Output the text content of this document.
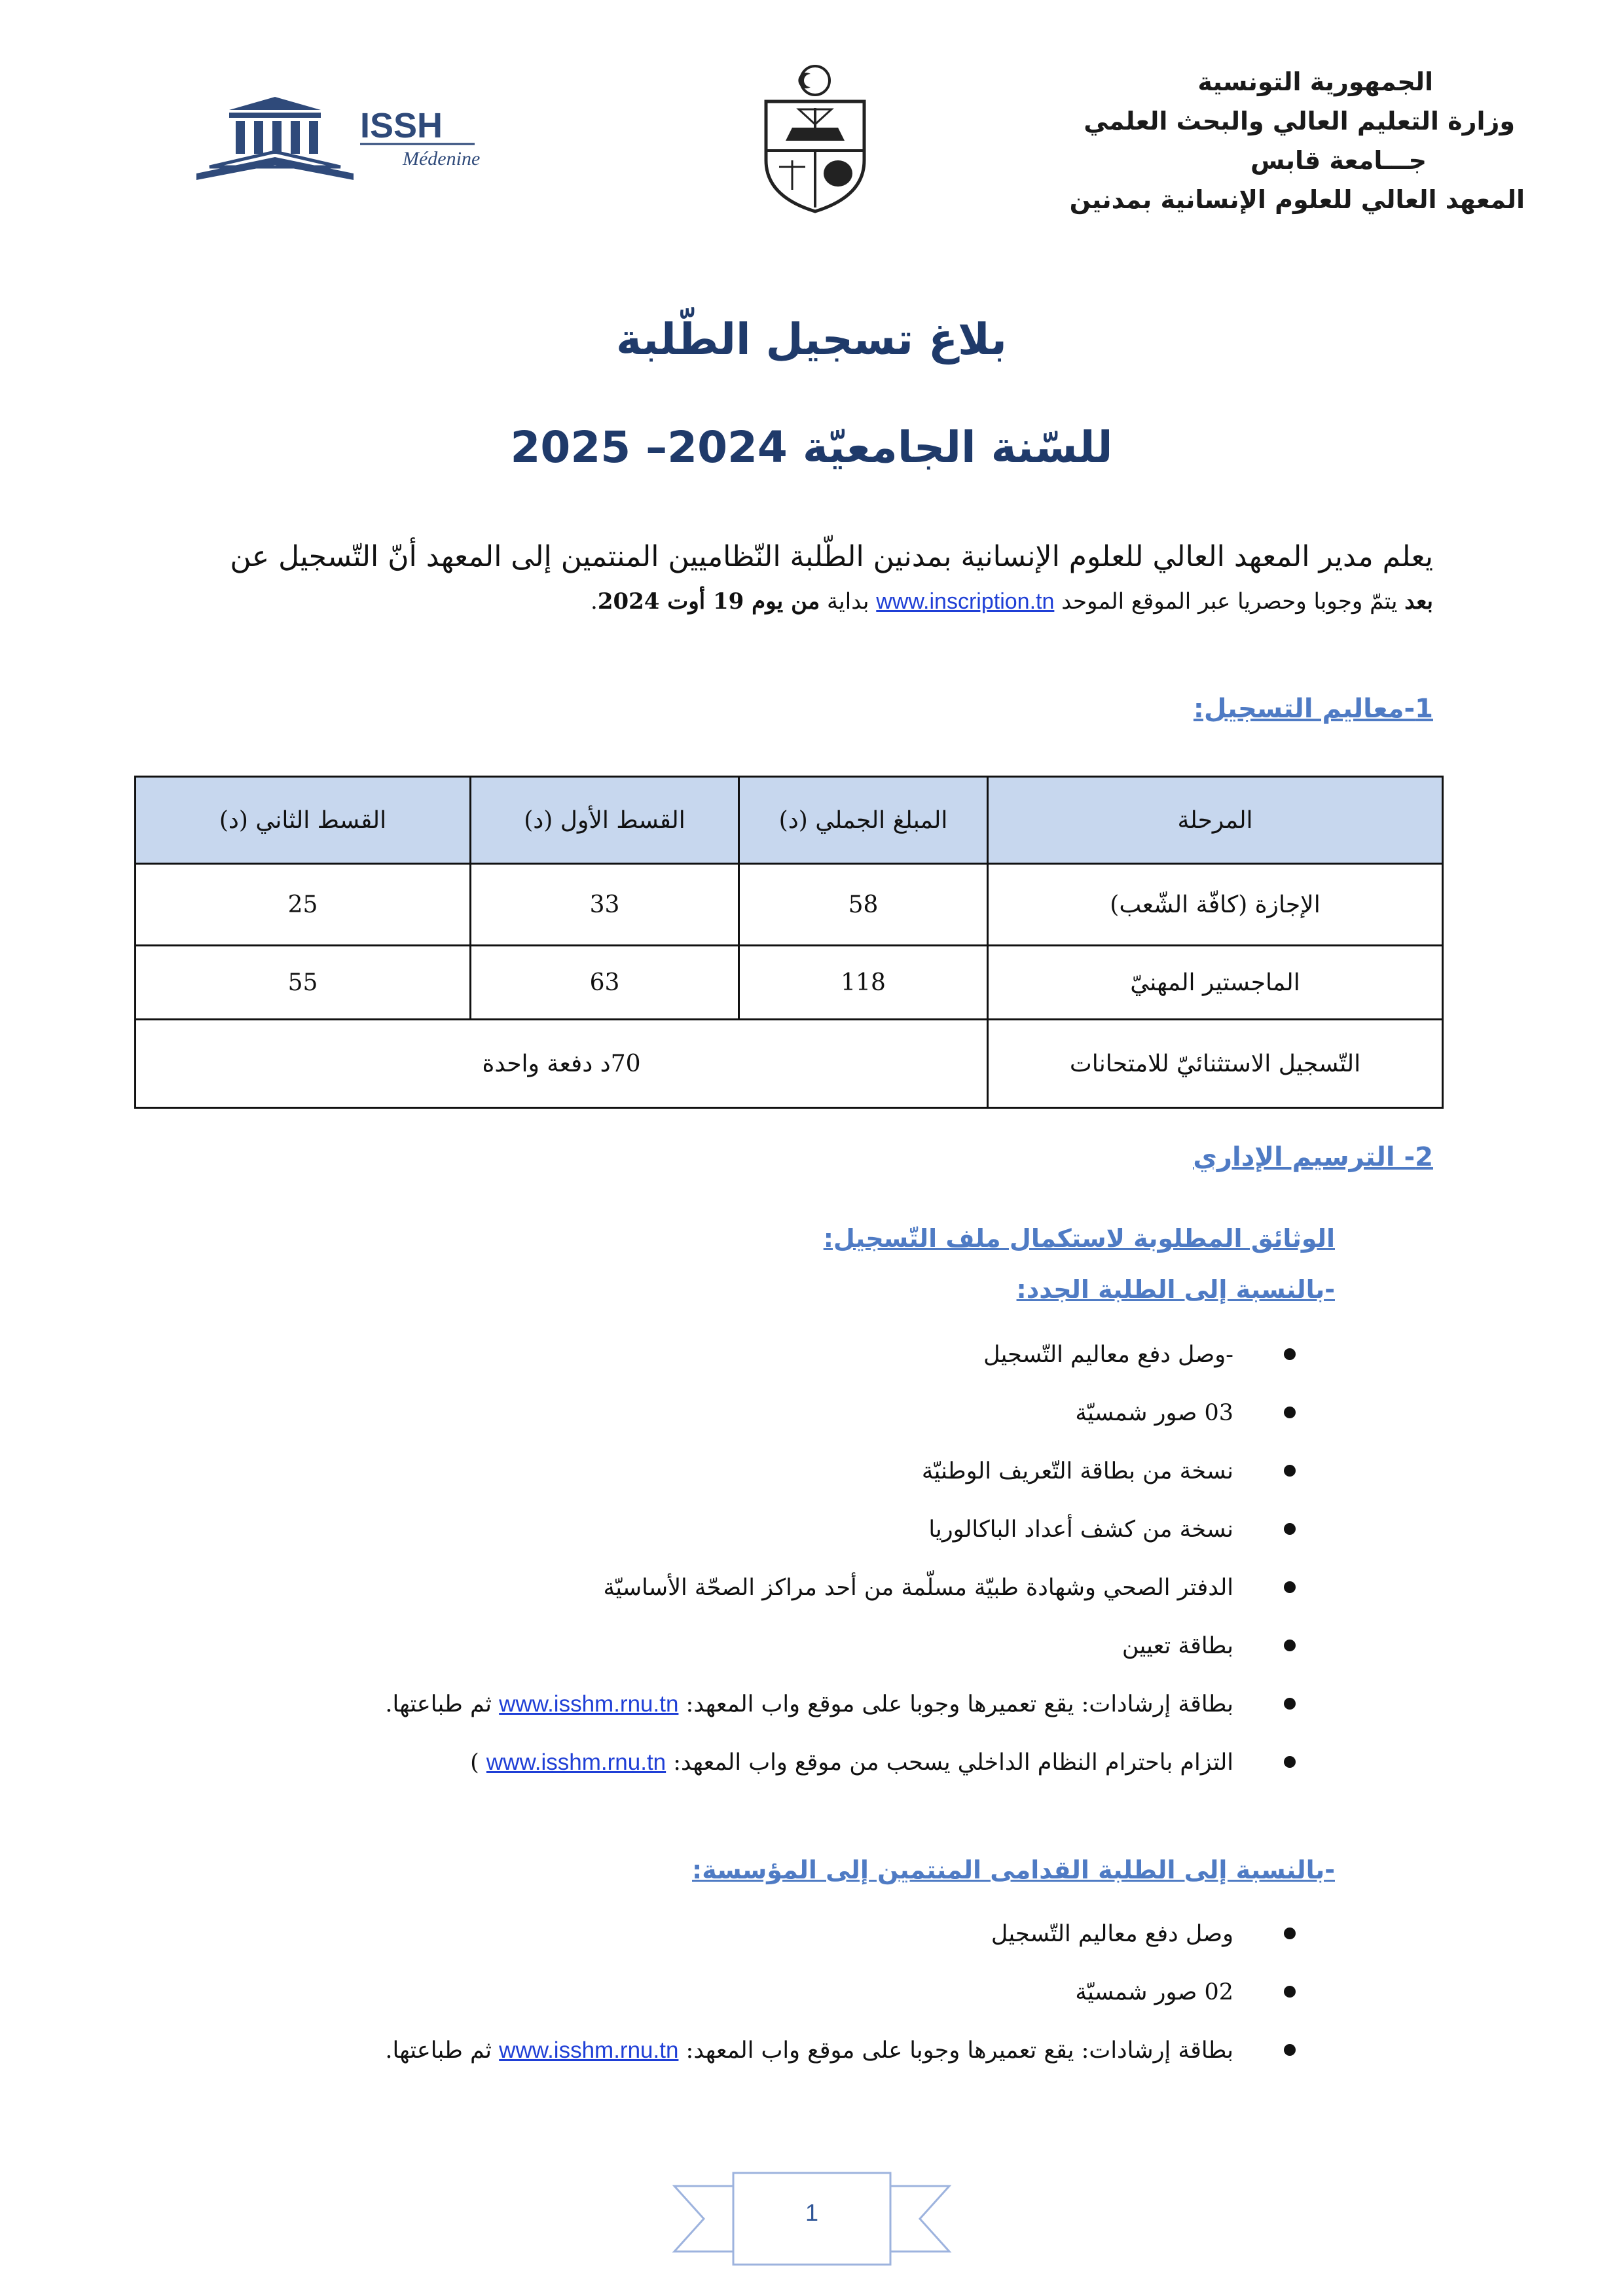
الجمهورية التونسية
وزارة التعليم العالي والبحث العلمي
جـــامعة قابس
المعهد العالي للعلوم الإنسانية بمدنين
ISSH
Médenine
بلاغ تسجيل الطّلبة
للسّنة الجامعيّة 2024– 2025
يعلم مدير المعهد العالي للعلوم الإنسانية بمدنين الطّلبة النّظاميين المنتمين إلى المعهد أنّ التّسجيل عن
بعد يتمّ وجوبا وحصريا عبر الموقع الموحد www.inscription.tn بداية من يوم 19 أوت 2024.
1-معاليم التسجيل:
المرحلة	المبلغ الجملي (د)	القسط الأول (د)	القسط الثاني (د)
الإجازة (كافّة الشّعب)	58	33	25
الماجستير المهنيّ	118	63	55
التّسجيل الاستثنائيّ للامتحانات	70د دفعة واحدة		
2- الترسيم الإداري
الوثائق المطلوبة لاستكمال ملف التّسجيل:
-بالنسبة إلى الطلبة الجدد:
-وصل دفع معاليم التّسجيل
03 صور شمسيّة
نسخة من بطاقة التّعريف الوطنيّة
نسخة من كشف أعداد الباكالوريا
الدفتر الصحي وشهادة طبيّة مسلّمة من أحد مراكز الصحّة الأساسيّة
بطاقة تعيين
بطاقة إرشادات: يقع تعميرها وجوبا على موقع واب المعهد: www.isshm.rnu.tn ثم طباعتها.
التزام باحترام النظام الداخلي يسحب من موقع واب المعهد: www.isshm.rnu.tn )
-بالنسبة إلى الطلبة القدامى المنتمين إلى المؤسسة:
وصل دفع معاليم التّسجيل
02 صور شمسيّة
بطاقة إرشادات: يقع تعميرها وجوبا على موقع واب المعهد: www.isshm.rnu.tn ثم طباعتها.
1
